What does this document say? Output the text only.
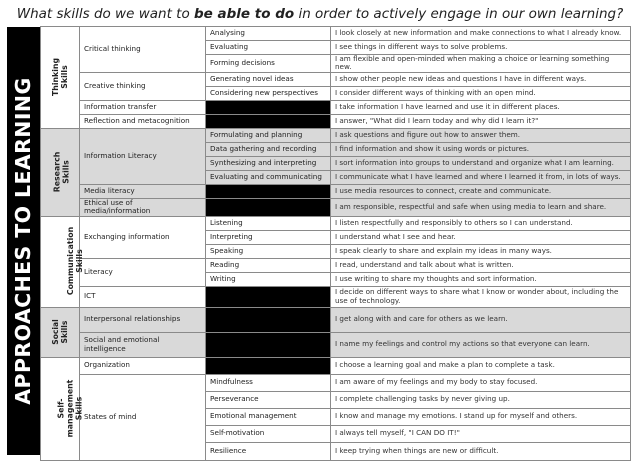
What skills do we want to be able to do in order to actively engage in our own learning?
APPROACHES TO LEARNING
Thinking
Skills	Critical thinking	Analysing	I look closely at new information and make connections to what I already know.
		Evaluating	I see things in different ways to solve problems.
		Forming decisions	I am flexible and open-minded when making a choice or learning something new.
	Creative thinking	Generating novel ideas	I show other people new ideas and questions I have in different ways.
		Considering new perspectives	I consider different ways of thinking with an open mind.
	Information transfer		I take information I have learned and use it in different places.
	Reflection and metacognition		I answer, "What did I learn today and why did I learn it?"
Research
Skills	Information Literacy	Formulating and planning	I ask questions and figure out how to answer them.
		Data gathering and recording	I find information and show it using words or pictures.
		Synthesizing and interpreting	I sort information into groups to understand and organize what I am learning.
		Evaluating and communicating	I communicate what I have learned and where I learned it from, in lots of ways.
	Media literacy		I use media resources to connect, create and communicate.
	Ethical use of media/information		I am responsible, respectful and safe when using media to learn and share.
Communication
Skills	Exchanging information	Listening	I listen respectfully and responsibly to others so I can understand.
		Interpreting	I understand what I see and hear.
		Speaking	I speak clearly to share and explain my ideas in many ways.
	Literacy	Reading	I read, understand and talk about what is written.
		Writing	I use writing to share my thoughts and sort information.
	ICT		I decide on different ways to share what I know or wonder about, including the use of technology.
Social
Skills	Interpersonal relationships		I get along with and care for others as we learn.
	Social and emotional intelligence		I name my feelings and control my actions so that everyone can learn.
Self-management
Skills	Organization		I choose a learning goal and make a plan to complete a task.
	States of mind	Mindfulness	I am aware of my feelings and my body to stay focused.
		Perseverance	I complete challenging tasks by never giving up.
		Emotional management	I know and manage my emotions. I stand up for myself and others.
		Self-motivation	I always tell myself, "I CAN DO IT!"
		Resilience	I keep trying when things are new or difficult.
